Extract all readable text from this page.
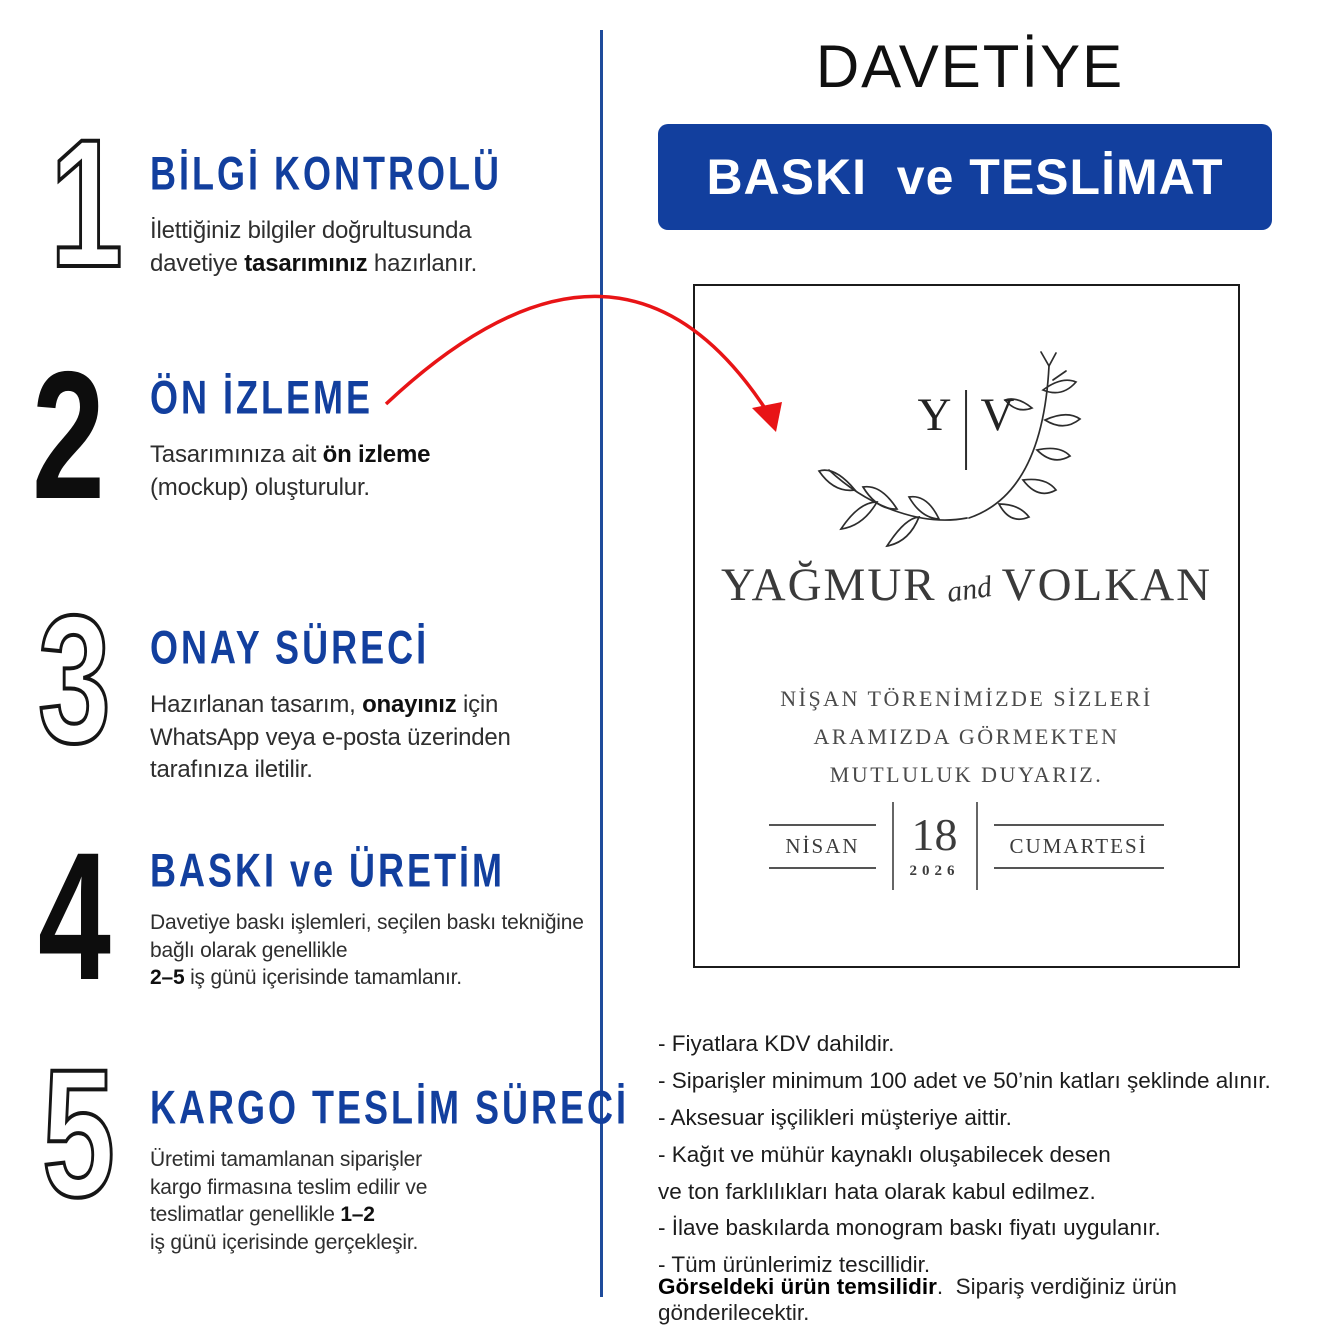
1 BİLGİ KONTROLÜ
İlettiğiniz bilgiler doğrultusunda
davetiye tasarımınız hazırlanır.
2 ÖN İZLEME
Tasarımınıza ait ön izleme
(mockup) oluşturulur.
3 ONAY SÜRECİ
Hazırlanan tasarım, onayınız için
WhatsApp veya e-posta üzerinden
tarafınıza iletilir.
4 BASKI ve ÜRETİM
Davetiye baskı işlemleri, seçilen baskı tekniğine
bağlı olarak genellikle
2–5 iş günü içerisinde tamamlanır.
5 KARGO TESLİM SÜRECİ
Üretimi tamamlanan siparişler
kargo firmasına teslim edilir ve
teslimatlar genellikle 1–2
iş günü içerisinde gerçekleşir.
DAVETİYE
BASKI  ve TESLİMAT
Y V
YAĞMUR and VOLKAN
NİŞAN TÖRENİMİZDE SİZLERİ
ARAMIZDA GÖRMEKTEN
MUTLULUK DUYARIZ.
NİSAN	18
2026
CUMARTESİ
- Fiyatlara KDV dahildir.
- Siparişler minimum 100 adet ve 50’nin katları şeklinde alınır.
- Aksesuar işçilikleri müşteriye aittir.
- Kağıt ve mühür kaynaklı oluşabilecek desen
ve ton farklılıkları hata olarak kabul edilmez.
- İlave baskılarda monogram baskı fiyatı uygulanır.
- Tüm ürünlerimiz tescillidir.
Görseldeki ürün temsilidir.  Sipariş verdiğiniz ürün gönderilecektir.
